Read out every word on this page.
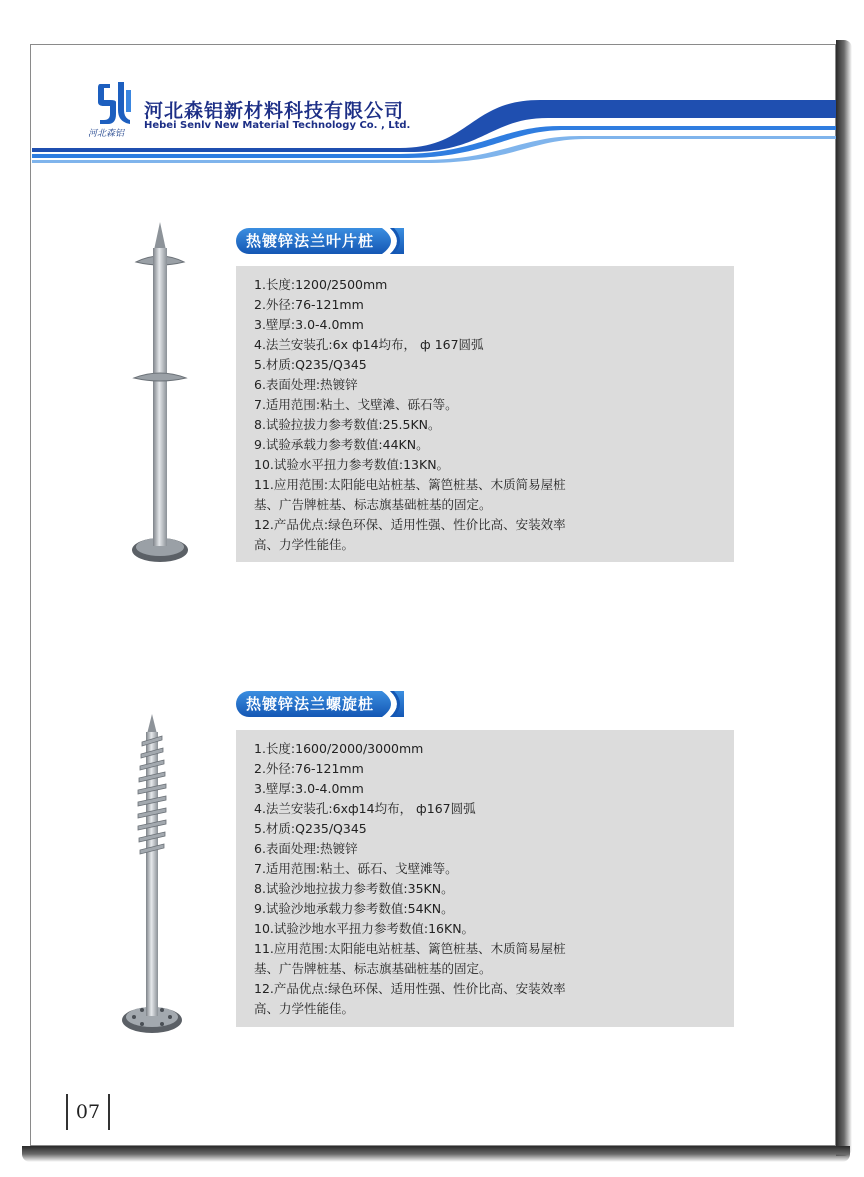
河北森铝
河北森铝新材料科技有限公司
Hebei Senlv New Material Technology Co. , Ltd.
热镀锌法兰叶片桩
1.长度:1200/2500mm
2.外径:76-121mm
3.壁厚:3.0-4.0mm
4.法兰安装孔:6x ф14均布， ф 167圆弧
5.材质:Q235/Q345
6.表面处理:热镀锌
7.适用范围:粘土、戈壁滩、砾石等。
8.试验拉拔力参考数值:25.5KN。
9.试验承载力参考数值:44KN。
10.试验水平扭力参考数值:13KN。
11.应用范围:太阳能电站桩基、篱笆桩基、木质简易屋桩
基、广告牌桩基、标志旗基础桩基的固定。
12.产品优点:绿色环保、适用性强、性价比高、安装效率
高、力学性能佳。
热镀锌法兰螺旋桩
1.长度:1600/2000/3000mm
2.外径:76-121mm
3.壁厚:3.0-4.0mm
4.法兰安装孔:6xф14均布， ф167圆弧
5.材质:Q235/Q345
6.表面处理:热镀锌
7.适用范围:粘土、砾石、戈壁滩等。
8.试验沙地拉拔力参考数值:35KN。
9.试验沙地承载力参考数值:54KN。
10.试验沙地水平扭力参考数值:16KN。
11.应用范围:太阳能电站桩基、篱笆桩基、木质简易屋桩
基、广告牌桩基、标志旗基础桩基的固定。
12.产品优点:绿色环保、适用性强、性价比高、安装效率
高、力学性能佳。
07
